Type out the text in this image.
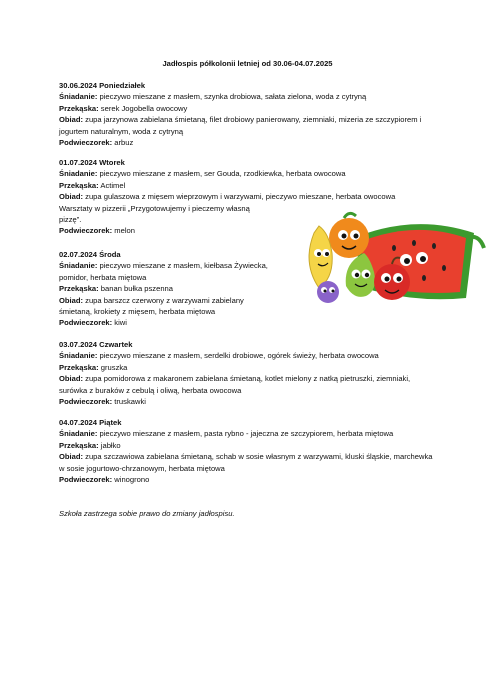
Jadłospis półkolonii letniej od 30.06-04.07.2025
30.06.2024 Poniedziałek
Śniadanie: pieczywo mieszane z masłem, szynka drobiowa, sałata zielona, woda z cytryną
Przekąska: serek Jogobella owocowy
Obiad: zupa jarzynowa zabielana śmietaną, filet drobiowy panierowany, ziemniaki, mizeria ze szczypiorem i jogurtem naturalnym, woda z cytryną
Podwieczorek: arbuz
01.07.2024 Wtorek
Śniadanie: pieczywo mieszane z masłem, ser Gouda, rzodkiewka, herbata owocowa
Przekąska: Actimel
Obiad: zupa gulaszowa z mięsem wieprzowym i warzywami, pieczywo mieszane, herbata owocowa
Warsztaty w pizzerii „Przygotowujemy i pieczemy własną
pizzę”.
Podwieczorek: melon
02.07.2024 Środa
Śniadanie: pieczywo mieszane z masłem, kiełbasa Żywiecka,
pomidor, herbata miętowa
Przekąska: banan bułka pszenna
Obiad: zupa barszcz czerwony z warzywami zabielany
śmietaną, krokiety z mięsem, herbata miętowa
Podwieczorek: kiwi
03.07.2024 Czwartek
Śniadanie: pieczywo mieszane z masłem, serdelki drobiowe, ogórek świeży, herbata owocowa
Przekąska: gruszka
Obiad: zupa pomidorowa z makaronem zabielana śmietaną, kotlet mielony z natką pietruszki, ziemniaki, surówka z buraków z cebulą i oliwą, herbata owocowa
Podwieczorek: truskawki
04.07.2024 Piątek
Śniadanie: pieczywo mieszane z masłem, pasta rybno - jajeczna ze szczypiorem, herbata miętowa
Przekąska: jabłko
Obiad: zupa szczawiowa zabielana śmietaną, schab w sosie własnym z warzywami, kluski śląskie, marchewka w sosie jogurtowo-chrzanowym, herbata miętowa
Podwieczorek: winogrono
Szkoła zastrzega sobie prawo do zmiany jadłospisu.
